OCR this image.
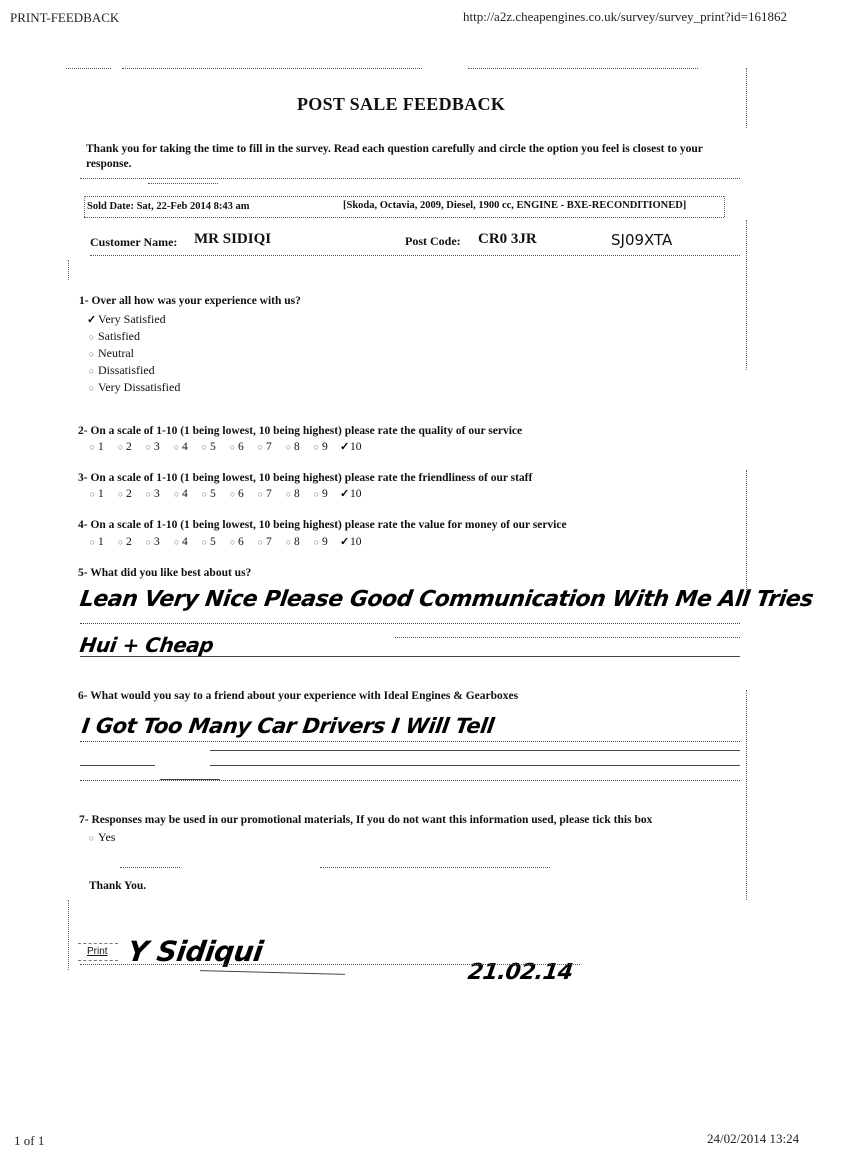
PRINT-FEEDBACK	http://a2z.cheapengines.co.uk/survey/survey_print?id=161862
POST SALE FEEDBACK
Thank you for taking the time to fill in the survey. Read each question carefully and circle the option you feel is closest to your response.
Sold Date: Sat, 22-Feb 2014 8:43 am	[Skoda, Octavia, 2009, Diesel, 1900 cc, ENGINE - BXE-RECONDITIONED]
Customer Name: MR SIDIQI	Post Code: CR0 3JR	SJ09XTA
1- Over all how was your experience with us?
✓ Very Satisfied
○ Satisfied
○ Neutral
○ Dissatisfied
○ Very Dissatisfied
2- On a scale of 1-10 (1 being lowest, 10 being highest) please rate the quality of our service
○ 1 ○ 2 ○ 3 ○ 4 ○ 5 ○ 6 ○ 7 ○ 8 ○ 9 ✓ 10
3- On a scale of 1-10 (1 being lowest, 10 being highest) please rate the friendliness of our staff
○ 1 ○ 2 ○ 3 ○ 4 ○ 5 ○ 6 ○ 7 ○ 8 ○ 9 ✓ 10
4- On a scale of 1-10 (1 being lowest, 10 being highest) please rate the value for money of our service
○ 1 ○ 2 ○ 3 ○ 4 ○ 5 ○ 6 ○ 7 ○ 8 ○ 9 ✓ 10
5- What did you like best about us?
Lean Very Nice Please Good Communication With Me All Tries
Hui + Cheap
6- What would you say to a friend about your experience with Ideal Engines & Gearboxes
I Got Too Many Car Drivers I Will Tell
7- Responses may be used in our promotional materials, If you do not want this information used, please tick this box
○ Yes
Thank You.
Print Y Sidiqui
21.02.14
1 of 1	24/02/2014 13:24
